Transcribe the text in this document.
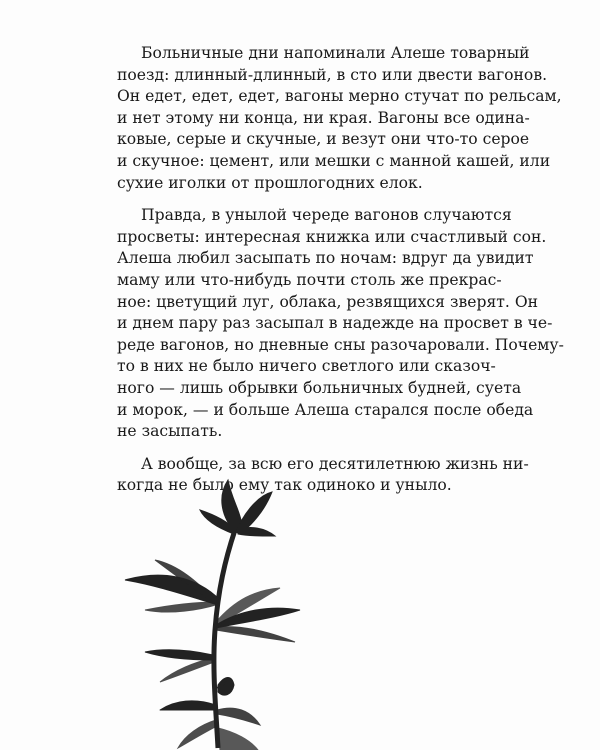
Больничные дни напоминали Алеше товарный
поезд: длинный-длинный, в сто или двести вагонов.
Он едет, едет, едет, вагоны мерно стучат по рельсам,
и нет этому ни конца, ни края. Вагоны все одина-
ковые, серые и скучные, и везут они что-то серое
и скучное: цемент, или мешки с манной кашей, или
сухие иголки от прошлогодних елок.

Правда, в унылой череде вагонов случаются
просветы: интересная книжка или счастливый сон.
Алеша любил засыпать по ночам: вдруг да увидит
маму или что-нибудь почти столь же прекрас-
ное: цветущий луг, облака, резвящихся зверят. Он
и днем пару раз засыпал в надежде на просвет в че-
реде вагонов, но дневные сны разочаровали. Почему-
то в них не было ничего светлого или сказоч-
ного — лишь обрывки больничных будней, суета
и морок, — и больше Алеша старался после обеда
не засыпать.

А вообще, за всю его десятилетнюю жизнь ни-
когда не было ему так одиноко и уныло.
